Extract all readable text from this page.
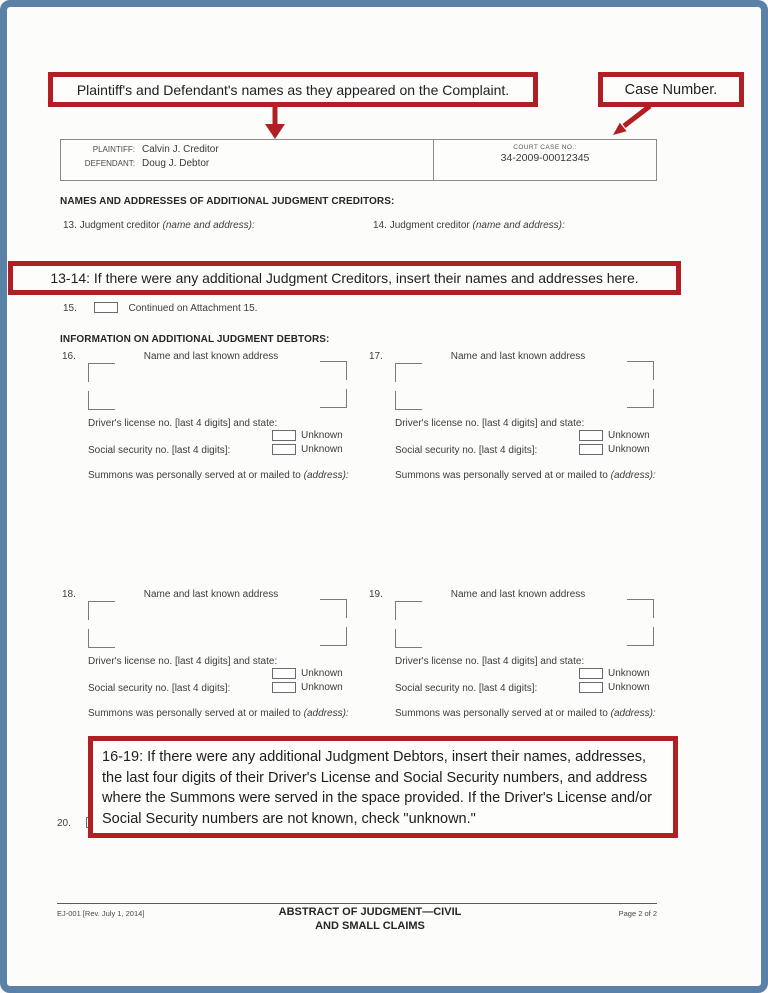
Plaintiff's and Defendant's names as they appeared on the Complaint.	Case Number.
PLAINTIFF: Calvin J. Creditor
DEFENDANT: Doug J. Debtor
COURT CASE NO.:
34-2009-00012345
NAMES AND ADDRESSES OF ADDITIONAL JUDGMENT CREDITORS:
13. Judgment creditor (name and address):	14. Judgment creditor (name and address):
13-14: If there were any additional Judgment Creditors, insert their names and addresses here.
15.	Continued on Attachment 15.
INFORMATION ON ADDITIONAL JUDGMENT DEBTORS:
16.	Name and last known address
Driver's license no. [last 4 digits] and state:
Unknown
Social security no. [last 4 digits]:	Unknown
Summons was personally served at or mailed to (address):
17.	Name and last known address
Driver's license no. [last 4 digits] and state:
Unknown
Social security no. [last 4 digits]:	Unknown
Summons was personally served at or mailed to (address):
18.	Name and last known address
Driver's license no. [last 4 digits] and state:
Unknown
Social security no. [last 4 digits]:	Unknown
Summons was personally served at or mailed to (address):
19.	Name and last known address
Driver's license no. [last 4 digits] and state:
Unknown
Social security no. [last 4 digits]:	Unknown
Summons was personally served at or mailed to (address):
20.
16-19: If there were any additional Judgment Debtors, insert their names, addresses, the last four digits of their Driver's License and Social Security numbers, and address where the Summons were served in the space provided. If the Driver's License and/or Social Security numbers are not known, check "unknown."
EJ-001 [Rev. July 1, 2014]	ABSTRACT OF JUDGMENT—CIVIL
AND SMALL CLAIMS
Page 2 of 2
